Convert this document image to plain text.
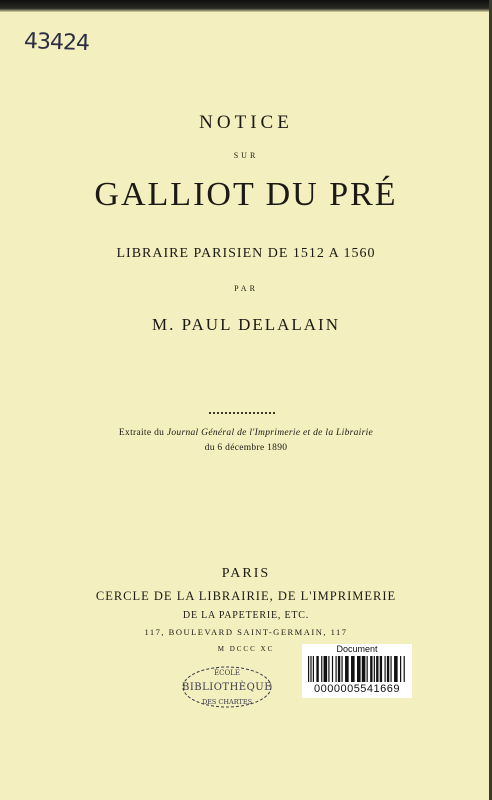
43424
NOTICE
SUR
GALLIOT DU PRÉ
LIBRAIRE PARISIEN DE 1512 A 1560
PAR
M. PAUL DELALAIN
Extraite du Journal Général de l'Imprimerie et de la Librairie
du 6 décembre 1890
PARIS
CERCLE DE LA LIBRAIRIE, DE L'IMPRIMERIE
DE LA PAPETERIE, ETC.
117, BOULEVARD SAINT-GERMAIN, 117
M DCCC XC
ÉCOLE
BIBLIOTHÈQUE
DES CHARTES
Document
0000005541669
